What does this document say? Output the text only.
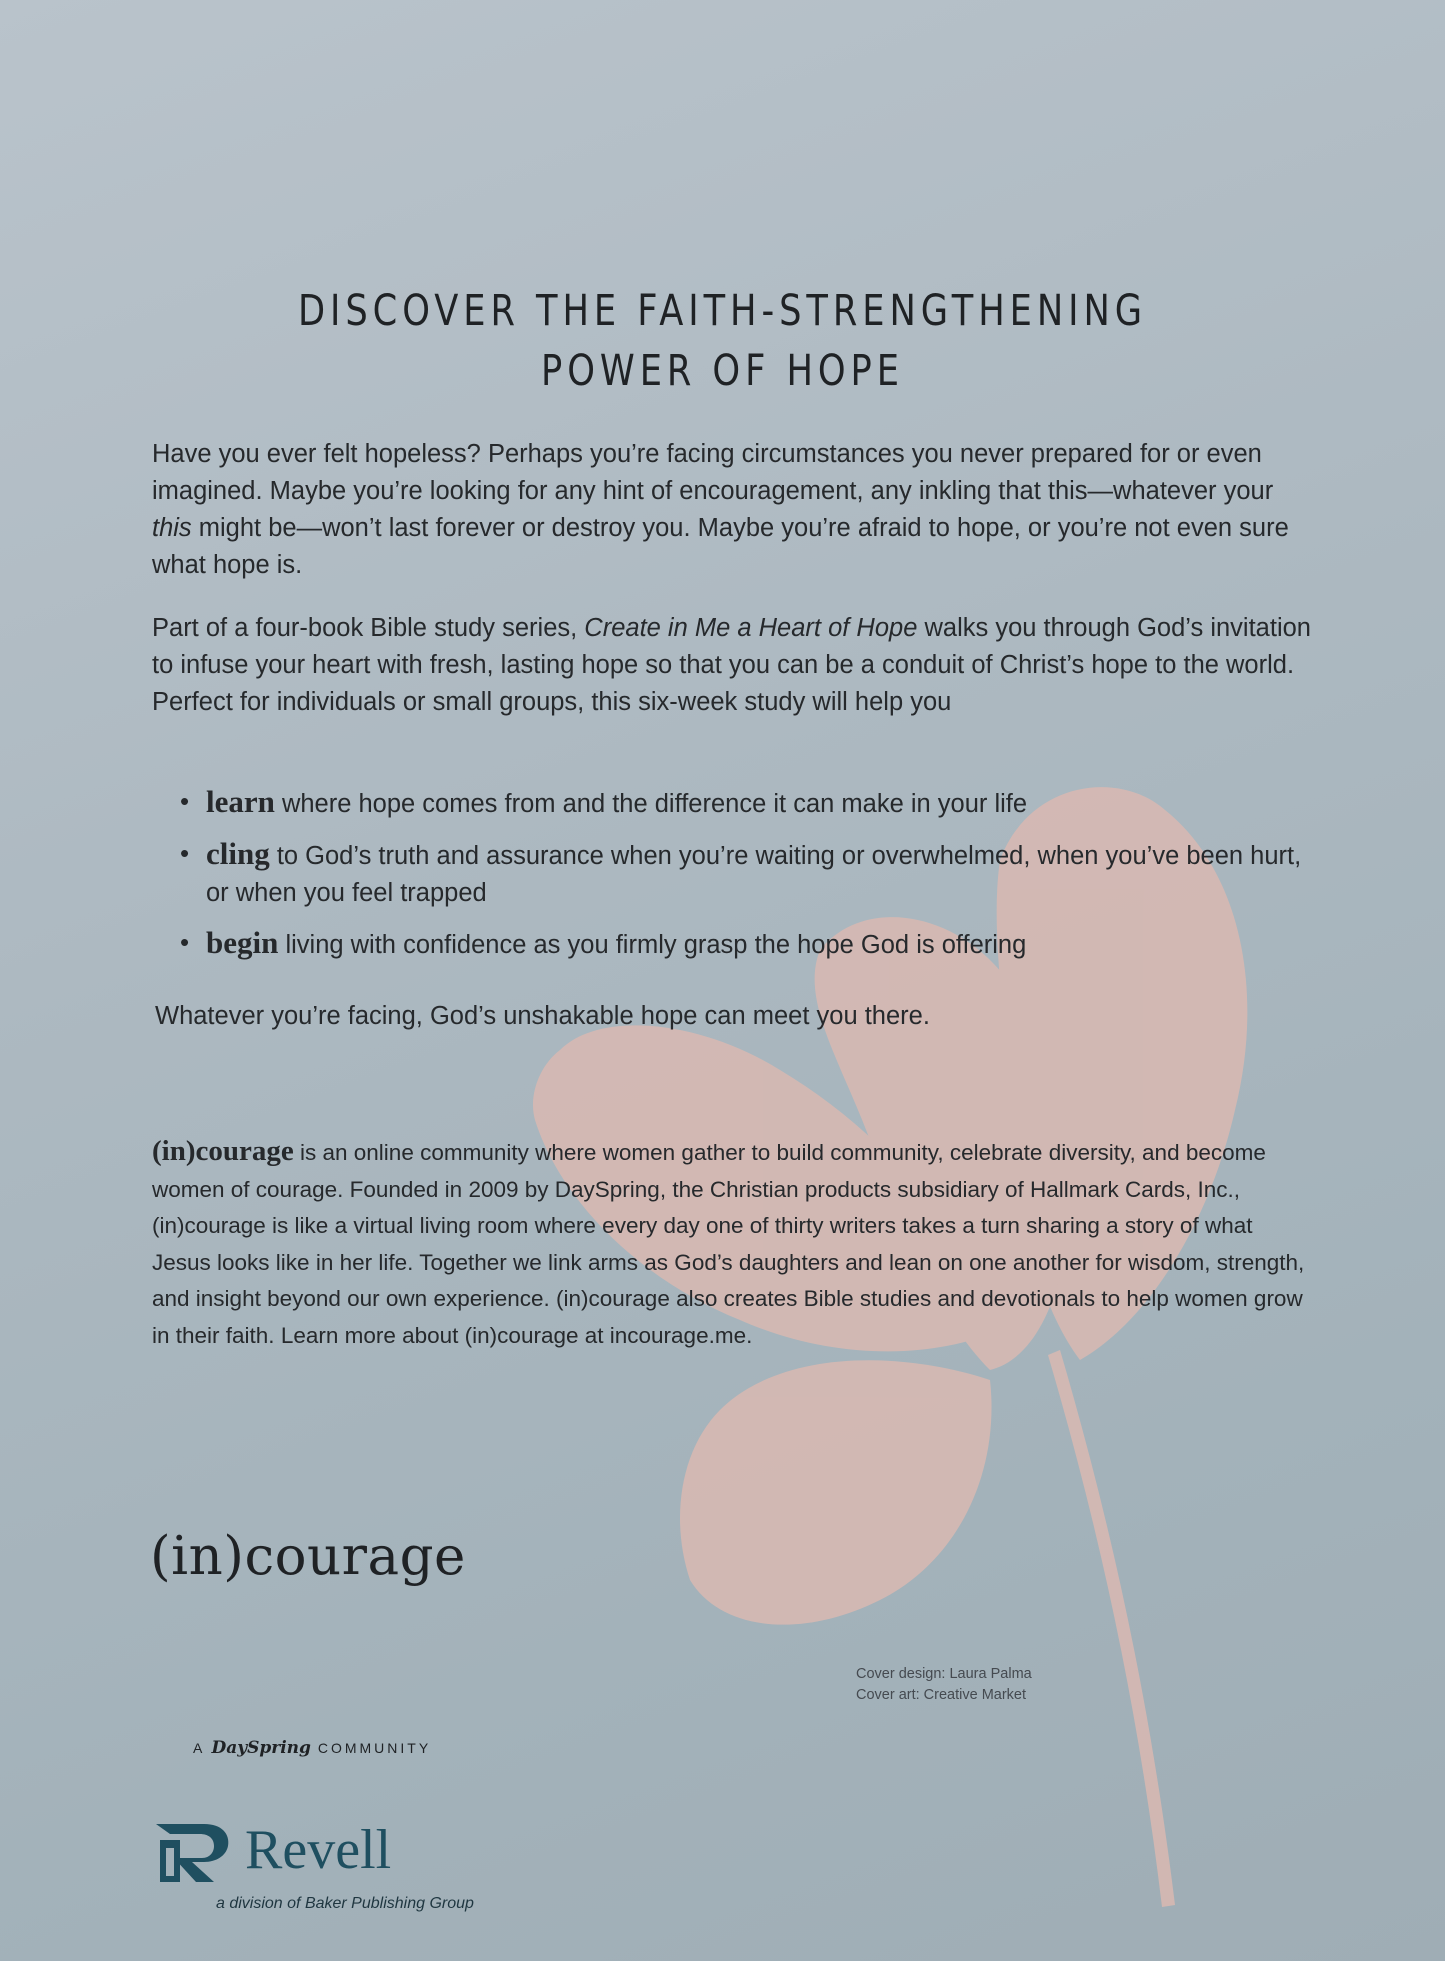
DISCOVER THE FAITH-STRENGTHENING
POWER OF HOPE

Have you ever felt hopeless? Perhaps you’re facing circumstances you never prepared for or even imagined. Maybe you’re looking for any hint of encouragement, any inkling that this—whatever your this might be—won’t last forever or destroy you. Maybe you’re afraid to hope, or you’re not even sure what hope is.

Part of a four-book Bible study series, Create in Me a Heart of Hope walks you through God’s invitation to infuse your heart with fresh, lasting hope so that you can be a conduit of Christ’s hope to the world. Perfect for individuals or small groups, this six-week study will help you

• learn where hope comes from and the difference it can make in your life
• cling to God’s truth and assurance when you’re waiting or overwhelmed, when you’ve been hurt, or when you feel trapped
• begin living with confidence as you firmly grasp the hope God is offering

Whatever you’re facing, God’s unshakable hope can meet you there.

(in)courage is an online community where women gather to build community, celebrate diversity, and become women of courage. Founded in 2009 by DaySpring, the Christian products subsidiary of Hallmark Cards, Inc., (in)courage is like a virtual living room where every day one of thirty writers takes a turn sharing a story of what Jesus looks like in her life. Together we link arms as God’s daughters and lean on one another for wisdom, strength, and insight beyond our own experience. (in)courage also creates Bible studies and devotionals to help women grow in their faith. Learn more about (in)courage at incourage.me.

(in)courage

A DaySpring COMMUNITY

Cover design: Laura Palma

Cover art: Creative Market

Revell

a division of Baker Publishing Group
